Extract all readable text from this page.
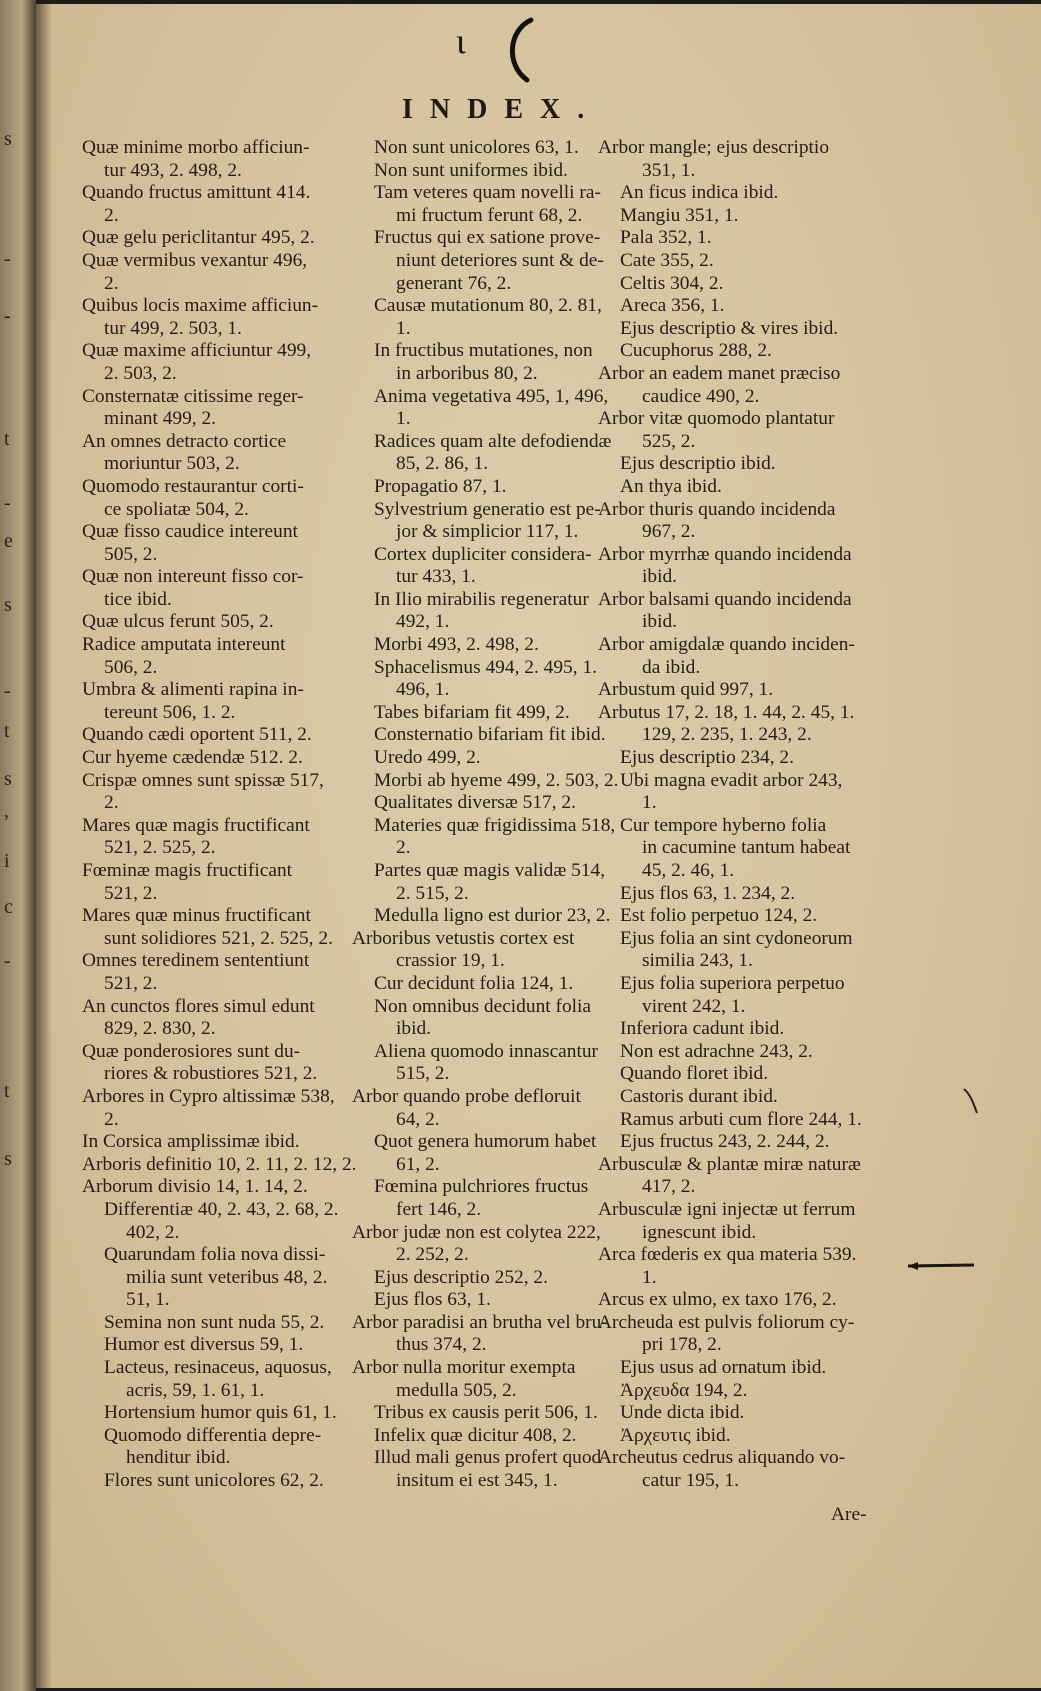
s
-
-
t
-
e
s
-
t
s
,
i
c
-
t
s
ι
INDEX.
Quæ minime morbo afficiun-
tur 493, 2. 498, 2.
Quando fructus amittunt 414.
2.
Quæ gelu periclitantur 495, 2.
Quæ vermibus vexantur 496,
2.
Quibus locis maxime afficiun-
tur 499, 2. 503, 1.
Quæ maxime afficiuntur 499,
2. 503, 2.
Consternatæ citissime reger-
minant 499, 2.
An omnes detracto cortice
moriuntur 503, 2.
Quomodo restaurantur corti-
ce spoliatæ 504, 2.
Quæ fisso caudice intereunt
505, 2.
Quæ non intereunt fisso cor-
tice ibid.
Quæ ulcus ferunt 505, 2.
Radice amputata intereunt
506, 2.
Umbra & alimenti rapina in-
tereunt 506, 1. 2.
Quando cædi oportent 511, 2.
Cur hyeme cædendæ 512. 2.
Crispæ omnes sunt spissæ 517,
2.
Mares quæ magis fructificant
521, 2. 525, 2.
Fœminæ magis fructificant
521, 2.
Mares quæ minus fructificant
sunt solidiores 521, 2. 525, 2.
Omnes teredinem sententiunt
521, 2.
An cunctos flores simul edunt
829, 2. 830, 2.
Quæ ponderosiores sunt du-
riores & robustiores 521, 2.
Arbores in Cypro altissimæ 538,
2.
In Corsica amplissimæ ibid.
Arboris definitio 10, 2. 11, 2. 12, 2.
Arborum divisio 14, 1. 14, 2.
Differentiæ 40, 2. 43, 2. 68, 2.
402, 2.
Quarundam folia nova dissi-
milia sunt veteribus 48, 2.
51, 1.
Semina non sunt nuda 55, 2.
Humor est diversus 59, 1.
Lacteus, resinaceus, aquosus,
acris, 59, 1. 61, 1.
Hortensium humor quis 61, 1.
Quomodo differentia depre-
henditur ibid.
Flores sunt unicolores 62, 2.
Non sunt unicolores 63, 1.
Non sunt uniformes ibid.
Tam veteres quam novelli ra-
mi fructum ferunt 68, 2.
Fructus qui ex satione prove-
niunt deteriores sunt & de-
generant 76, 2.
Causæ mutationum 80, 2. 81,
1.
In fructibus mutationes, non
in arboribus 80, 2.
Anima vegetativa 495, 1, 496,
1.
Radices quam alte defodiendæ
85, 2. 86, 1.
Propagatio 87, 1.
Sylvestrium generatio est pe-
jor & simplicior 117, 1.
Cortex dupliciter considera-
tur 433, 1.
In Ilio mirabilis regeneratur
492, 1.
Morbi 493, 2. 498, 2.
Sphacelismus 494, 2. 495, 1.
496, 1.
Tabes bifariam fit 499, 2.
Consternatio bifariam fit ibid.
Uredo 499, 2.
Morbi ab hyeme 499, 2. 503, 2.
Qualitates diversæ 517, 2.
Materies quæ frigidissima 518,
2.
Partes quæ magis validæ 514,
2. 515, 2.
Medulla ligno est durior 23, 2.
Arboribus vetustis cortex est
crassior 19, 1.
Cur decidunt folia 124, 1.
Non omnibus decidunt folia
ibid.
Aliena quomodo innascantur
515, 2.
Arbor quando probe defloruit
64, 2.
Quot genera humorum habet
61, 2.
Fœmina pulchriores fructus
fert 146, 2.
Arbor judæ non est colytea 222,
2. 252, 2.
Ejus descriptio 252, 2.
Ejus flos 63, 1.
Arbor paradisi an brutha vel bru-
thus 374, 2.
Arbor nulla moritur exempta
medulla 505, 2.
Tribus ex causis perit 506, 1.
Infelix quæ dicitur 408, 2.
Illud mali genus profert quod
insitum ei est 345, 1.
Arbor mangle; ejus descriptio
351, 1.
An ficus indica ibid.
Mangiu 351, 1.
Pala 352, 1.
Cate 355, 2.
Celtis 304, 2.
Areca 356, 1.
Ejus descriptio & vires ibid.
Cucuphorus 288, 2.
Arbor an eadem manet præciso
caudice 490, 2.
Arbor vitæ quomodo plantatur
525, 2.
Ejus descriptio ibid.
An thya ibid.
Arbor thuris quando incidenda
967, 2.
Arbor myrrhæ quando incidenda
ibid.
Arbor balsami quando incidenda
ibid.
Arbor amigdalæ quando inciden-
da ibid.
Arbustum quid 997, 1.
Arbutus 17, 2. 18, 1. 44, 2. 45, 1.
129, 2. 235, 1. 243, 2.
Ejus descriptio 234, 2.
Ubi magna evadit arbor 243,
1.
Cur tempore hyberno folia
in cacumine tantum habeat
45, 2. 46, 1.
Ejus flos 63, 1. 234, 2.
Est folio perpetuo 124, 2.
Ejus folia an sint cydoneorum
similia 243, 1.
Ejus folia superiora perpetuo
virent 242, 1.
Inferiora cadunt ibid.
Non est adrachne 243, 2.
Quando floret ibid.
Castoris durant ibid.
Ramus arbuti cum flore 244, 1.
Ejus fructus 243, 2. 244, 2.
Arbusculæ & plantæ miræ naturæ
417, 2.
Arbusculæ igni injectæ ut ferrum
ignescunt ibid.
Arca fœderis ex qua materia 539.
1.
Arcus ex ulmo, ex taxo 176, 2.
Archeuda est pulvis foliorum cy-
pri 178, 2.
Ejus usus ad ornatum ibid.
Ἀρχευδα 194, 2.
Unde dicta ibid.
Ἀρχευτις ibid.
Archeutus cedrus aliquando vo-
catur 195, 1.
Are-
